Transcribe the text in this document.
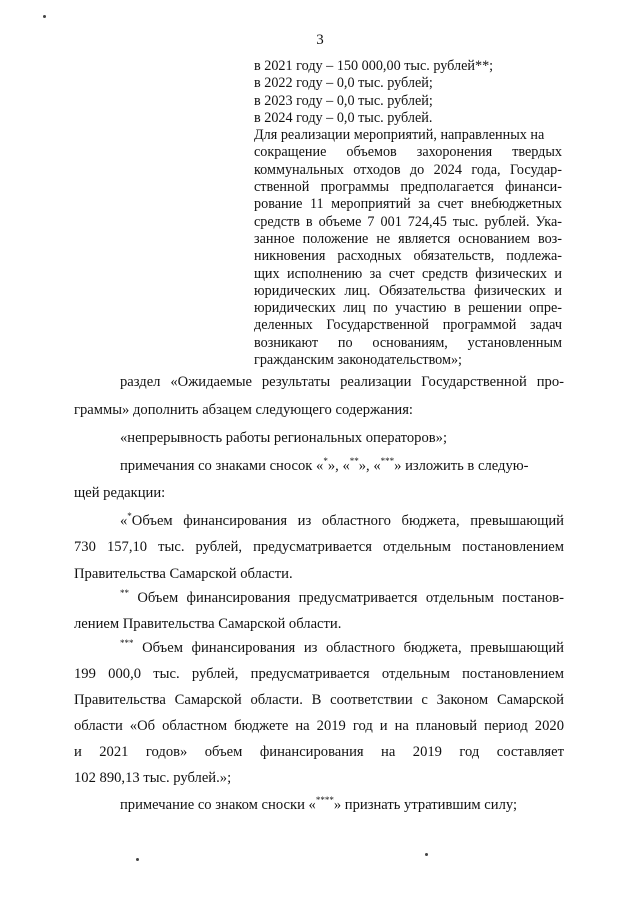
3
в 2021 году – 150 000,00 тыс. рублей**;
в 2022 году – 0,0 тыс. рублей;
в 2023 году – 0,0 тыс. рублей;
в 2024 году – 0,0 тыс. рублей.
Для реализации мероприятий, направленных на
сокращение объемов захоронения твердых
коммунальных отходов до 2024 года, Государ-
ственной программы предполагается финанси-
рование 11 мероприятий за счет внебюджетных
средств в объеме 7 001 724,45 тыс. рублей. Ука-
занное положение не является основанием воз-
никновения расходных обязательств, подлежа-
щих исполнению за счет средств физических и
юридических лиц. Обязательства физических и
юридических лиц по участию в решении опре-
деленных Государственной программой задач
возникают по основаниям, установленным
гражданским законодательством»;
раздел «Ожидаемые результаты реализации Государственной про-
граммы» дополнить абзацем следующего содержания:
«непрерывность работы региональных операторов»;
примечания со знаками сносок «*», «**», «***» изложить в следую-
щей редакции:
«*Объем финансирования из областного бюджета, превышающий
730 157,10 тыс. рублей, предусматривается отдельным постановлением
Правительства Самарской области.
** Объем финансирования предусматривается отдельным постанов-
лением Правительства Самарской области.
*** Объем финансирования из областного бюджета, превышающий
199 000,0 тыс. рублей, предусматривается отдельным постановлением
Правительства Самарской области. В соответствии с Законом Самарской
области «Об областном бюджете на 2019 год и на плановый период 2020
и 2021 годов» объем финансирования на 2019 год составляет
102 890,13 тыс. рублей.»;
примечание со знаком сноски «****» признать утратившим силу;
